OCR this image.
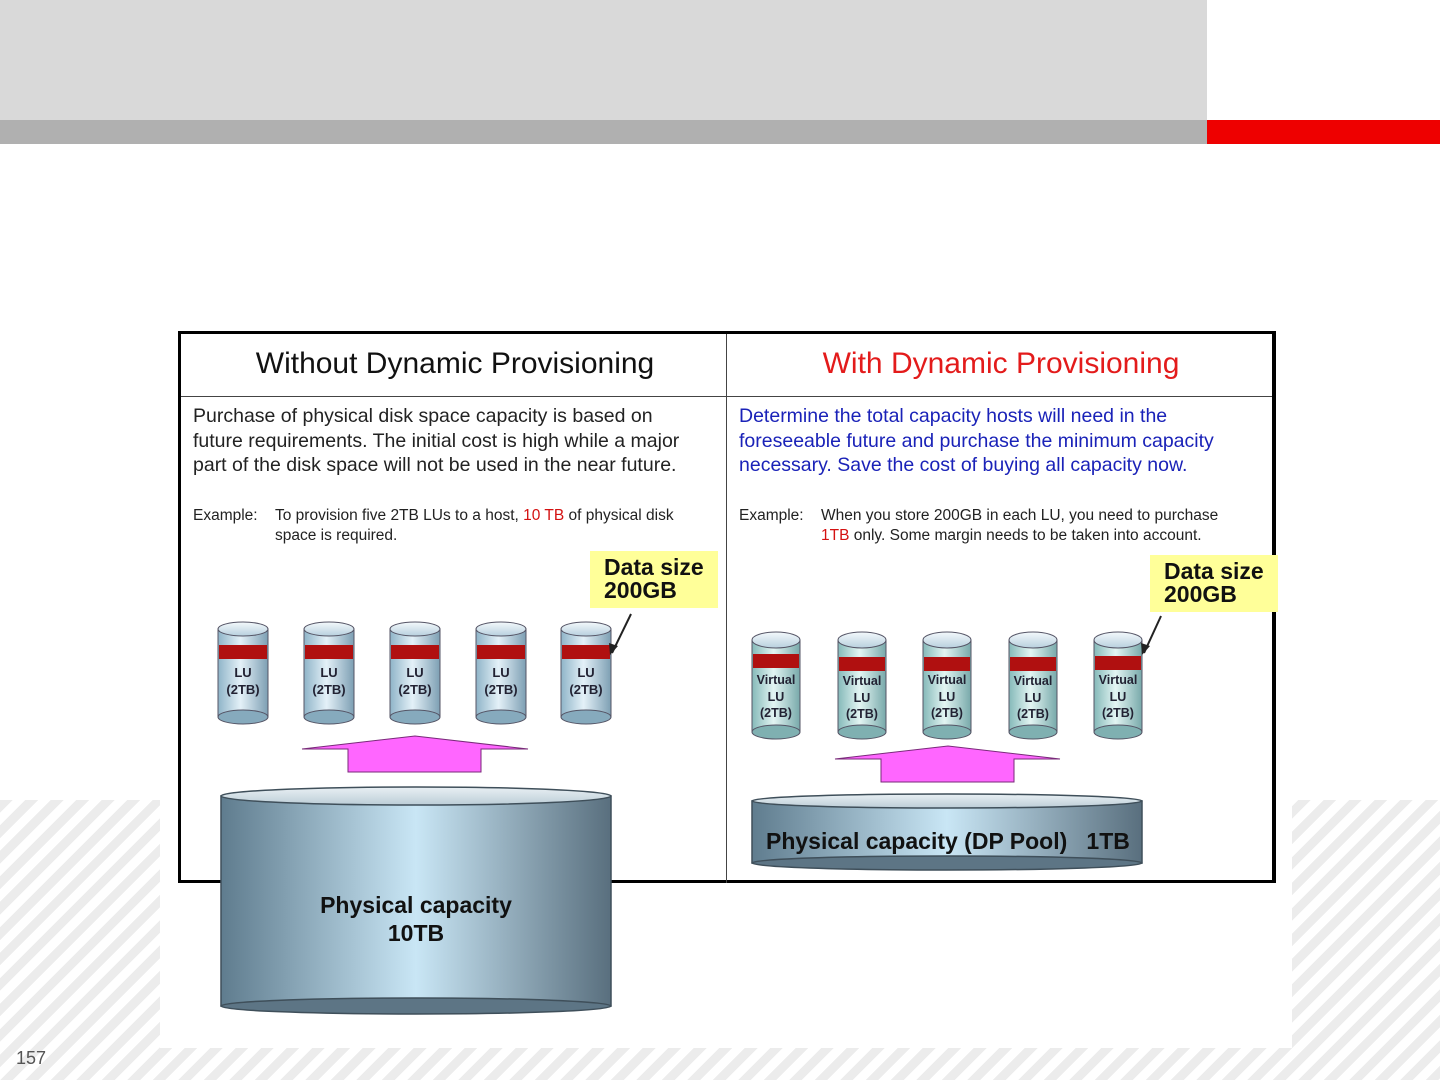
157
Without Dynamic Provisioning	With Dynamic Provisioning
Purchase of physical disk space capacity is based on
future requirements. The initial cost is high while a major
part of the disk space will not be used in the near future.
Determine the total capacity hosts will need in the
foreseeable future and purchase the minimum capacity
necessary. Save the cost of buying all capacity now.
Example: To provision five 2TB LUs to a host, 10 TB of physical disk
space is required.
Example: When you store 200GB in each LU, you need to purchase
1TB only. Some margin needs to be taken into account.
LU
(2TB)
LU
(2TB)
LU
(2TB)
LU
(2TB)
LU
(2TB)
Virtual
LU
(2TB)
Virtual
LU
(2TB)
Virtual
LU
(2TB)
Virtual
LU
(2TB)
Virtual
LU
(2TB)
Data size
200GB
Data size
200GB
Physical capacity
10TB
Physical capacity (DP Pool)   1TB
